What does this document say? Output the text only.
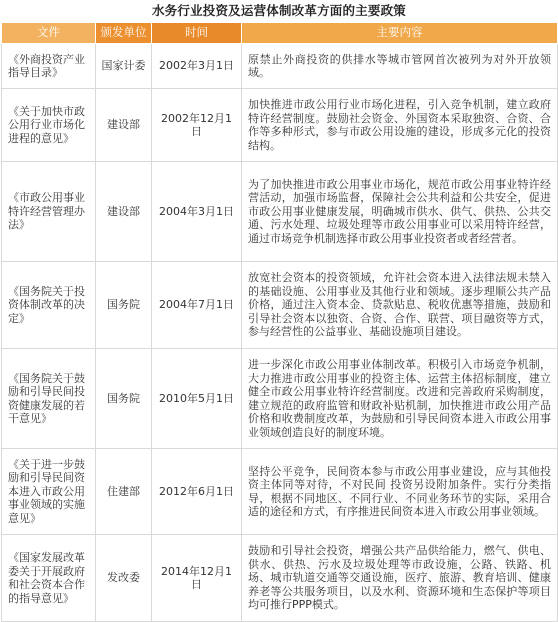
水务行业投资及运营体制改革方面的主要政策
文件	颁发单位	时间	主要内容
《外商投资产业指导目录》	国家计委	2002年3月1日	原禁止外商投资的供排水等城市管网首次被列为对外开放领域。
《关于加快市政公用行业市场化进程的意见》	建设部	2002年12月1日	加快推进市政公用行业市场化进程，引入竞争机制，建立政府特许经营制度。鼓励社会资金、外国资本采取独资、合资、合作等多种形式，参与市政公用设施的建设，形成多元化的投资结构。
《市政公用事业特许经营管理办法》	建设部	2004年3月1日	为了加快推进市政公用事业市场化，规范市政公用事业特许经营活动，加强市场监督，保障社会公共利益和公共安全，促进市政公用事业健康发展，明确城市供水、供气、供热、公共交通、污水处理、垃圾处理等市政公用事业可以采用特许经营，通过市场竞争机制选择市政公用事业投资者或者经营者。
《国务院关于投资体制改革的决定》	国务院	2004年7月1日	放宽社会资本的投资领域，允许社会资本进入法律法规未禁入的基础设施、公用事业及其他行业和领域。逐步理顺公共产品价格，通过注入资本金、贷款贴息、税收优惠等措施，鼓励和引导社会资本以独资、合资、合作、联营、项目融资等方式，参与经营性的公益事业、基础设施项目建设。
《国务院关于鼓励和引导民间投资健康发展的若干意见》	国务院	2010年5月1日	进一步深化市政公用事业体制改革。积极引入市场竞争机制，大力推进市政公用事业的投资主体、运营主体招标制度，建立健全市政公用事业特许经营制度。改进和完善政府采购制度，建立规范的政府监管和财政补贴机制，加快推进市政公用产品价格和收费制度改革，为鼓励和引导民间资本进入市政公用事业领域创造良好的制度环境。
《关于进一步鼓励和引导民间资本进入市政公用事业领域的实施意见》	住建部	2012年6月1日	坚持公平竞争，民间资本参与市政公用事业建设，应与其他投资主体同等对待，不对民间 投资另设附加条件。实行分类指导，根据不同地区、不同行业、不同业务环节的实际，采用合适的途径和方式，有序推进民间资本进入市政公用事业领域。
《国家发展改革委关于开展政府和社会资本合作的指导意见》	发改委	2014年12月1日	鼓励和引导社会投资，增强公共产品供给能力，燃气、供电、供水、供热、污水及垃圾处理等市政设施，公路、铁路、机场、城市轨道交通等交通设施，医疗、旅游、教育培训、健康养老等公共服务项目，以及水利、资源环境和生态保护等项目均可推行PPP模式。
